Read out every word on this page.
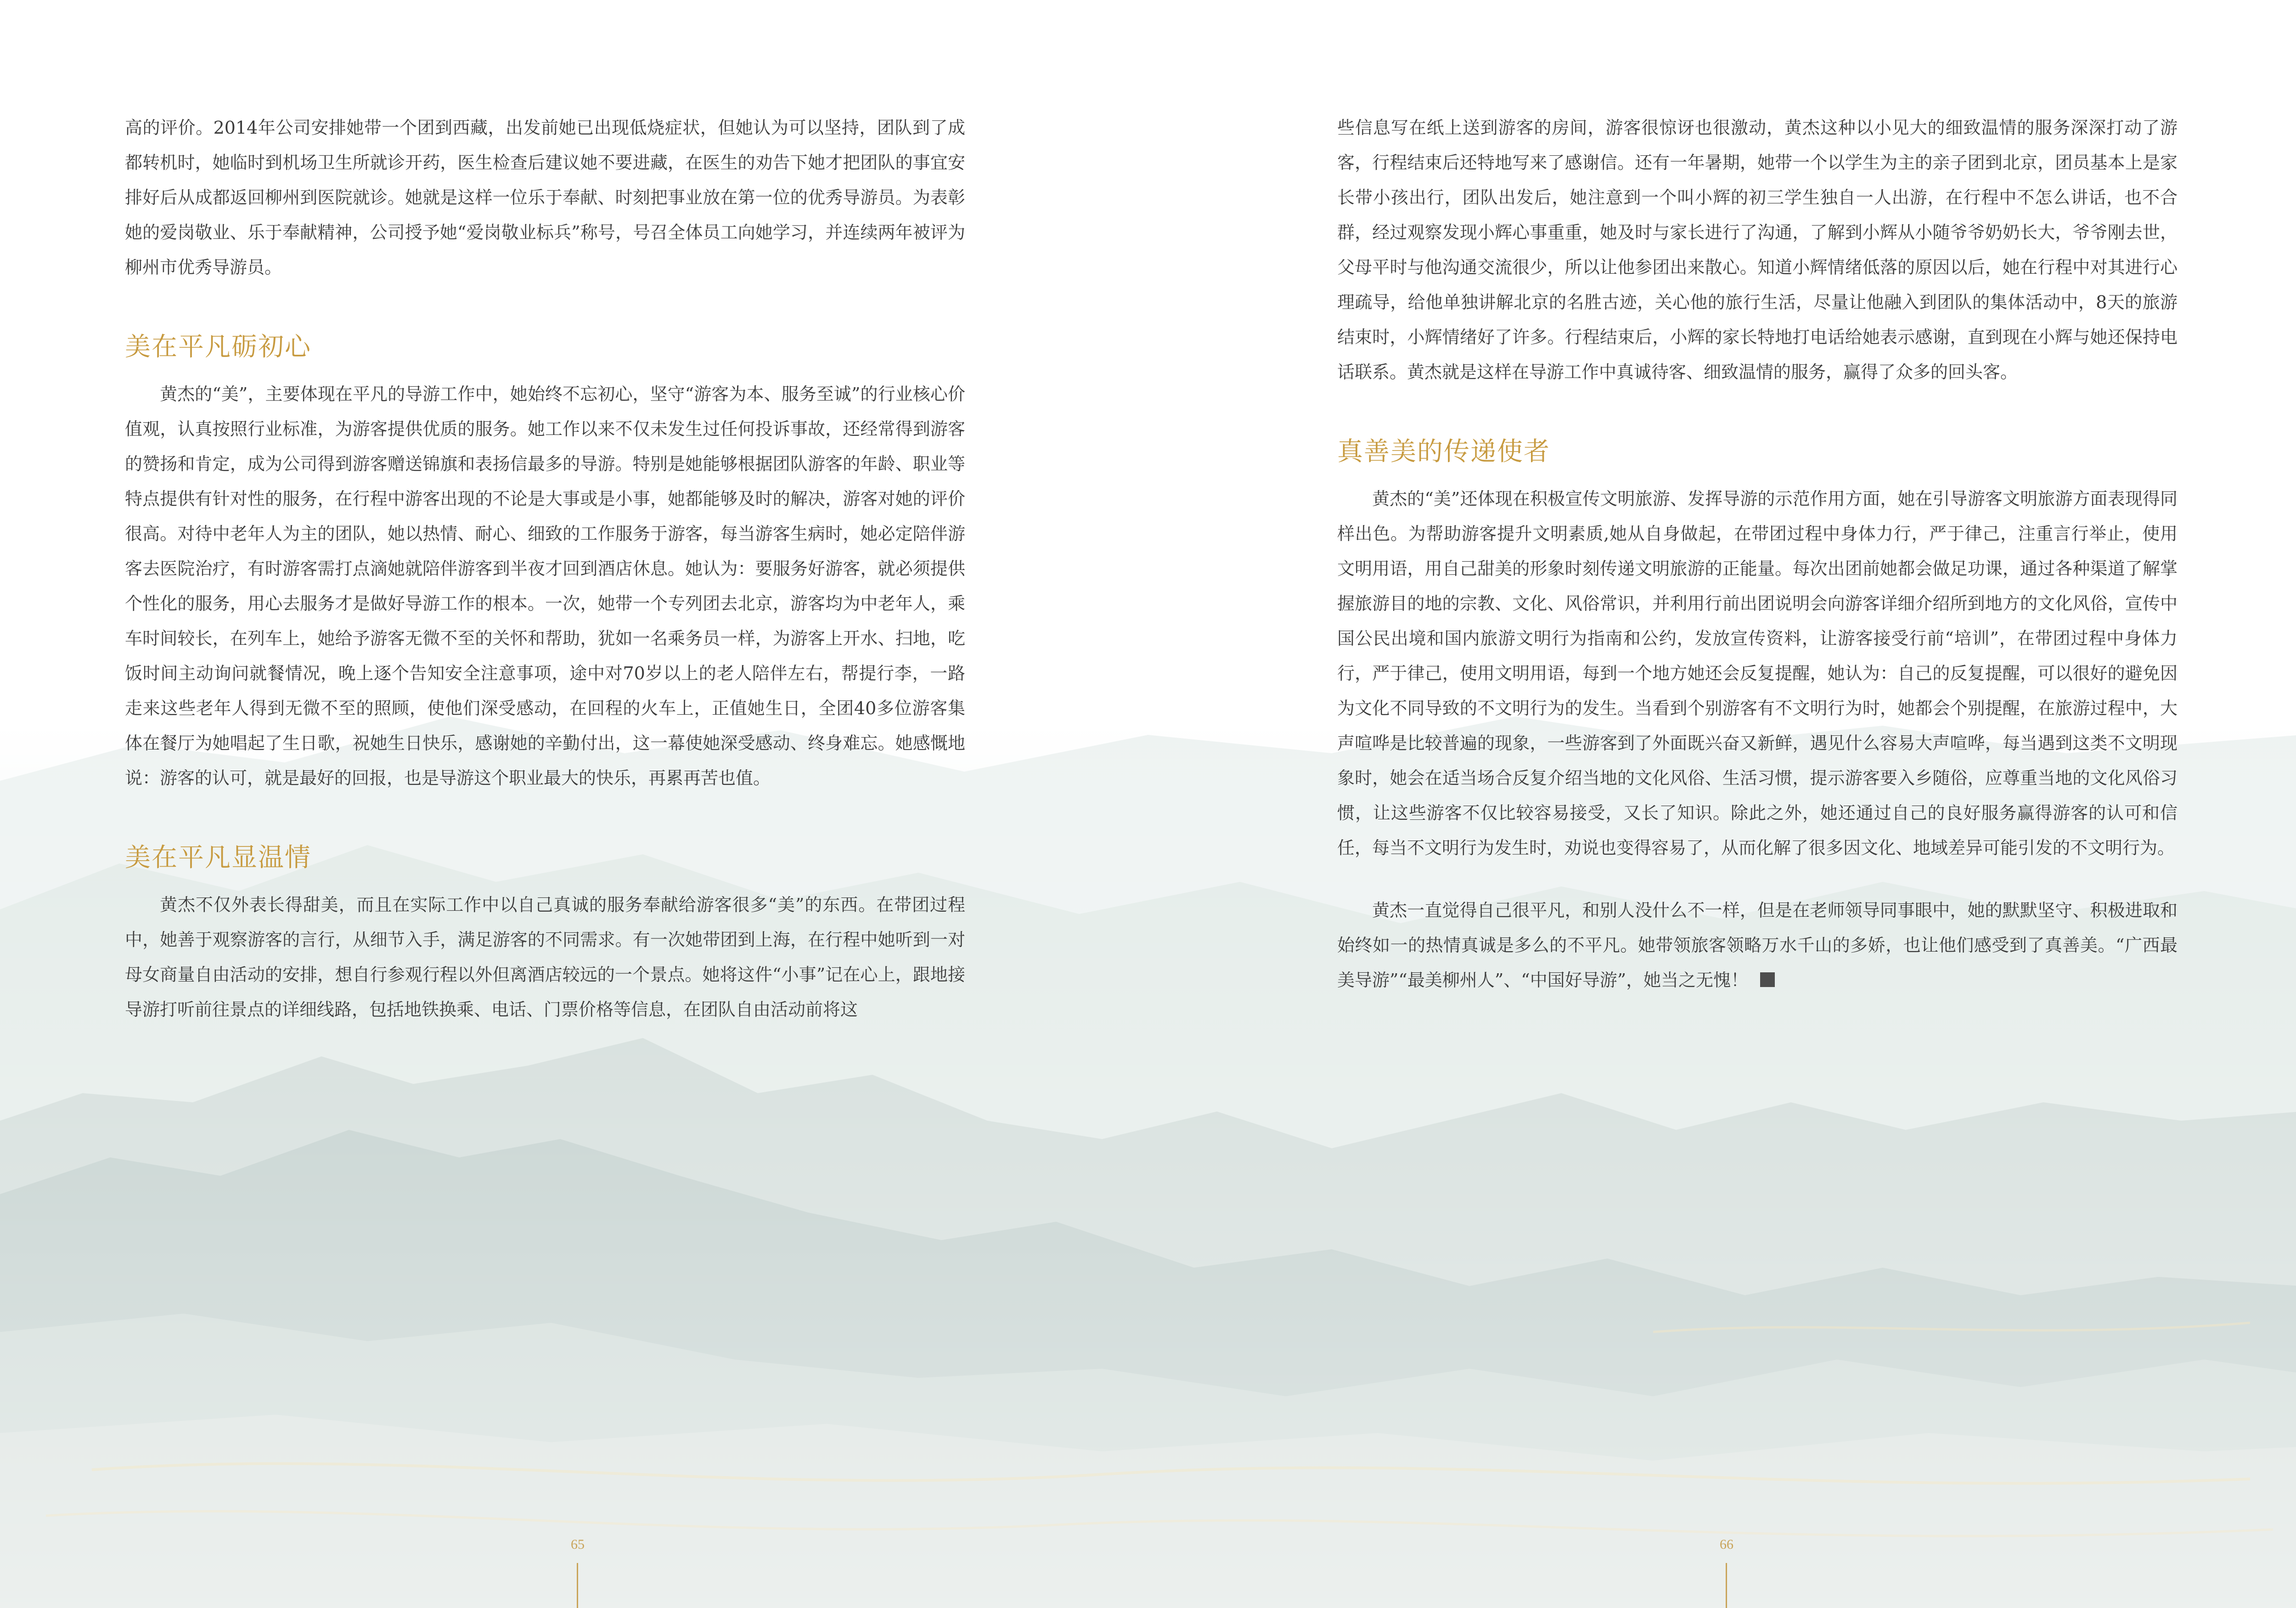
高的评价。2014年公司安排她带一个团到西藏，出发前她已出现低烧症状，但她认为可以坚持，团队到了成都转机时，她临时到机场卫生所就诊开药，医生检查后建议她不要进藏，在医生的劝告下她才把团队的事宜安排好后从成都返回柳州到医院就诊。她就是这样一位乐于奉献、时刻把事业放在第一位的优秀导游员。为表彰她的爱岗敬业、乐于奉献精神，公司授予她“爱岗敬业标兵”称号，号召全体员工向她学习，并连续两年被评为柳州市优秀导游员。

美在平凡砺初心

黄杰的“美”，主要体现在平凡的导游工作中，她始终不忘初心，坚守“游客为本、服务至诚”的行业核心价值观，认真按照行业标准，为游客提供优质的服务。她工作以来不仅未发生过任何投诉事故，还经常得到游客的赞扬和肯定，成为公司得到游客赠送锦旗和表扬信最多的导游。特别是她能够根据团队游客的年龄、职业等特点提供有针对性的服务，在行程中游客出现的不论是大事或是小事，她都能够及时的解决，游客对她的评价很高。对待中老年人为主的团队，她以热情、耐心、细致的工作服务于游客，每当游客生病时，她必定陪伴游客去医院治疗，有时游客需打点滴她就陪伴游客到半夜才回到酒店休息。她认为：要服务好游客，就必须提供个性化的服务，用心去服务才是做好导游工作的根本。一次，她带一个专列团去北京，游客均为中老年人，乘车时间较长，在列车上，她给予游客无微不至的关怀和帮助，犹如一名乘务员一样，为游客上开水、扫地，吃饭时间主动询问就餐情况，晚上逐个告知安全注意事项，途中对70岁以上的老人陪伴左右，帮提行李，一路走来这些老年人得到无微不至的照顾，使他们深受感动，在回程的火车上，正值她生日，全团40多位游客集体在餐厅为她唱起了生日歌，祝她生日快乐，感谢她的辛勤付出，这一幕使她深受感动、终身难忘。她感慨地说：游客的认可，就是最好的回报，也是导游这个职业最大的快乐，再累再苦也值。

美在平凡显温情

黄杰不仅外表长得甜美，而且在实际工作中以自己真诚的服务奉献给游客很多“美”的东西。在带团过程中，她善于观察游客的言行，从细节入手，满足游客的不同需求。有一次她带团到上海，在行程中她听到一对母女商量自由活动的安排，想自行参观行程以外但离酒店较远的一个景点。她将这件“小事”记在心上，跟地接导游打听前往景点的详细线路，包括地铁换乘、电话、门票价格等信息，在团队自由活动前将这

些信息写在纸上送到游客的房间，游客很惊讶也很激动，黄杰这种以小见大的细致温情的服务深深打动了游客，行程结束后还特地写来了感谢信。还有一年暑期，她带一个以学生为主的亲子团到北京，团员基本上是家长带小孩出行，团队出发后，她注意到一个叫小辉的初三学生独自一人出游，在行程中不怎么讲话，也不合群，经过观察发现小辉心事重重，她及时与家长进行了沟通，了解到小辉从小随爷爷奶奶长大，爷爷刚去世，父母平时与他沟通交流很少，所以让他参团出来散心。知道小辉情绪低落的原因以后，她在行程中对其进行心理疏导，给他单独讲解北京的名胜古迹，关心他的旅行生活，尽量让他融入到团队的集体活动中，8天的旅游结束时，小辉情绪好了许多。行程结束后，小辉的家长特地打电话给她表示感谢，直到现在小辉与她还保持电话联系。黄杰就是这样在导游工作中真诚待客、细致温情的服务，赢得了众多的回头客。

真善美的传递使者

黄杰的“美”还体现在积极宣传文明旅游、发挥导游的示范作用方面，她在引导游客文明旅游方面表现得同样出色。为帮助游客提升文明素质,她从自身做起，在带团过程中身体力行，严于律己，注重言行举止，使用文明用语，用自己甜美的形象时刻传递文明旅游的正能量。每次出团前她都会做足功课，通过各种渠道了解掌握旅游目的地的宗教、文化、风俗常识，并利用行前出团说明会向游客详细介绍所到地方的文化风俗，宣传中国公民出境和国内旅游文明行为指南和公约，发放宣传资料，让游客接受行前“培训”，在带团过程中身体力行，严于律己，使用文明用语，每到一个地方她还会反复提醒，她认为：自己的反复提醒，可以很好的避免因为文化不同导致的不文明行为的发生。当看到个别游客有不文明行为时，她都会个别提醒，在旅游过程中，大声喧哗是比较普遍的现象，一些游客到了外面既兴奋又新鲜，遇见什么容易大声喧哗，每当遇到这类不文明现象时，她会在适当场合反复介绍当地的文化风俗、生活习惯，提示游客要入乡随俗，应尊重当地的文化风俗习惯，让这些游客不仅比较容易接受，又长了知识。除此之外，她还通过自己的良好服务赢得游客的认可和信任，每当不文明行为发生时，劝说也变得容易了，从而化解了很多因文化、地域差异可能引发的不文明行为。

黄杰一直觉得自己很平凡，和别人没什么不一样，但是在老师领导同事眼中，她的默默坚守、积极进取和始终如一的热情真诚是多么的不平凡。她带领旅客领略万水千山的多娇，也让他们感受到了真善美。“广西最美导游”“最美柳州人”、“中国好导游”，她当之无愧！

65	66
